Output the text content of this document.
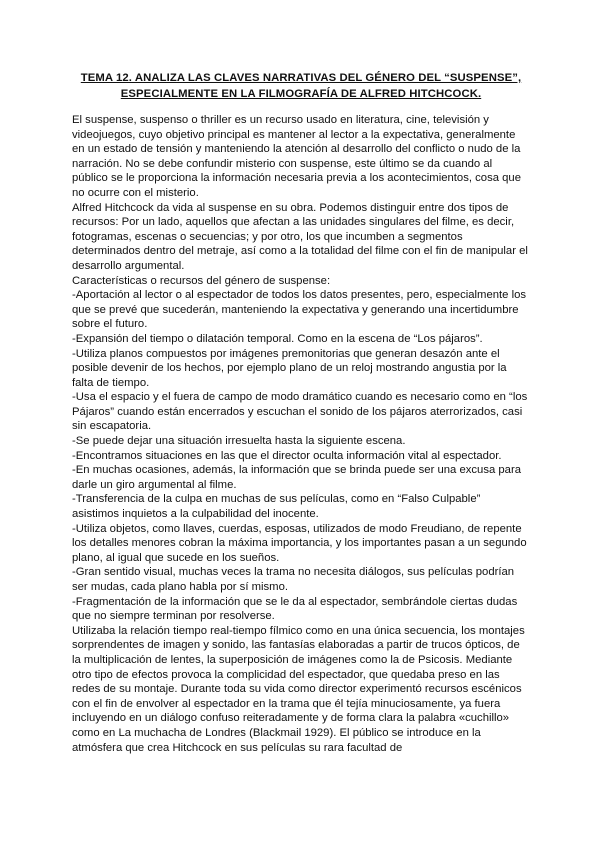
TEMA 12. ANALIZA LAS CLAVES NARRATIVAS DEL GÉNERO DEL “SUSPENSE”,
ESPECIALMENTE EN LA FILMOGRAFÍA DE ALFRED HITCHCOCK.

El suspense, suspenso o thriller es un recurso usado en literatura, cine, televisión y videojuegos, cuyo objetivo principal es mantener al lector a la expectativa, generalmente en un estado de tensión y manteniendo la atención al desarrollo del conflicto o nudo de la narración. No se debe confundir misterio con suspense, este último se da cuando al público se le proporciona la información necesaria previa a los acontecimientos, cosa que no ocurre con el misterio.

Alfred Hitchcock da vida al suspense en su obra. Podemos distinguir entre dos tipos de recursos: Por un lado, aquellos que afectan a las unidades singulares del filme, es decir, fotogramas, escenas o secuencias; y por otro, los que incumben a segmentos determinados dentro del metraje, así como a la totalidad del filme con el fin de manipular el desarrollo argumental.

Características o recursos del género de suspense:

-Aportación al lector o al espectador de todos los datos presentes, pero, especialmente los que se prevé que sucederán, manteniendo la expectativa y generando una incertidumbre sobre el futuro.

-Expansión del tiempo o dilatación temporal. Como en la escena de “Los pájaros”.

-Utiliza planos compuestos por imágenes premonitorias que generan desazón ante el posible devenir de los hechos, por ejemplo plano de un reloj mostrando angustia por la falta de tiempo.

-Usa el espacio y el fuera de campo de modo dramático cuando es necesario como en “los Pájaros” cuando están encerrados y escuchan el sonido de los pájaros aterrorizados, casi sin escapatoria.

-Se puede dejar una situación irresuelta hasta la siguiente escena.

-Encontramos situaciones en las que el director oculta información vital al espectador.

-En muchas ocasiones, además, la información que se brinda puede ser una excusa para darle un giro argumental al filme.

-Transferencia de la culpa en muchas de sus películas, como en “Falso Culpable” asistimos inquietos a la culpabilidad del inocente.

-Utiliza objetos, como llaves, cuerdas, esposas, utilizados de modo Freudiano, de repente los detalles menores cobran la máxima importancia, y los importantes pasan a un segundo plano, al igual que sucede en los sueños.

-Gran sentido visual, muchas veces la trama no necesita diálogos, sus películas podrían ser mudas, cada plano habla por sí mismo.

-Fragmentación de la información que se le da al espectador, sembrándole ciertas dudas que no siempre terminan por resolverse.

Utilizaba la relación tiempo real-tiempo fílmico como en una única secuencia, los montajes sorprendentes de imagen y sonido, las fantasías elaboradas a partir de trucos ópticos, de la multiplicación de lentes, la superposición de imágenes como la de Psicosis. Mediante otro tipo de efectos provoca la complicidad del espectador, que quedaba preso en las redes de su montaje. Durante toda su vida como director experimentó recursos escénicos con el fin de envolver al espectador en la trama que él tejía minuciosamente, ya fuera incluyendo en un diálogo confuso reiteradamente y de forma clara la palabra «cuchillo» como en La muchacha de Londres (Blackmail 1929). El público se introduce en la atmósfera que crea Hitchcock en sus películas su rara facultad de
